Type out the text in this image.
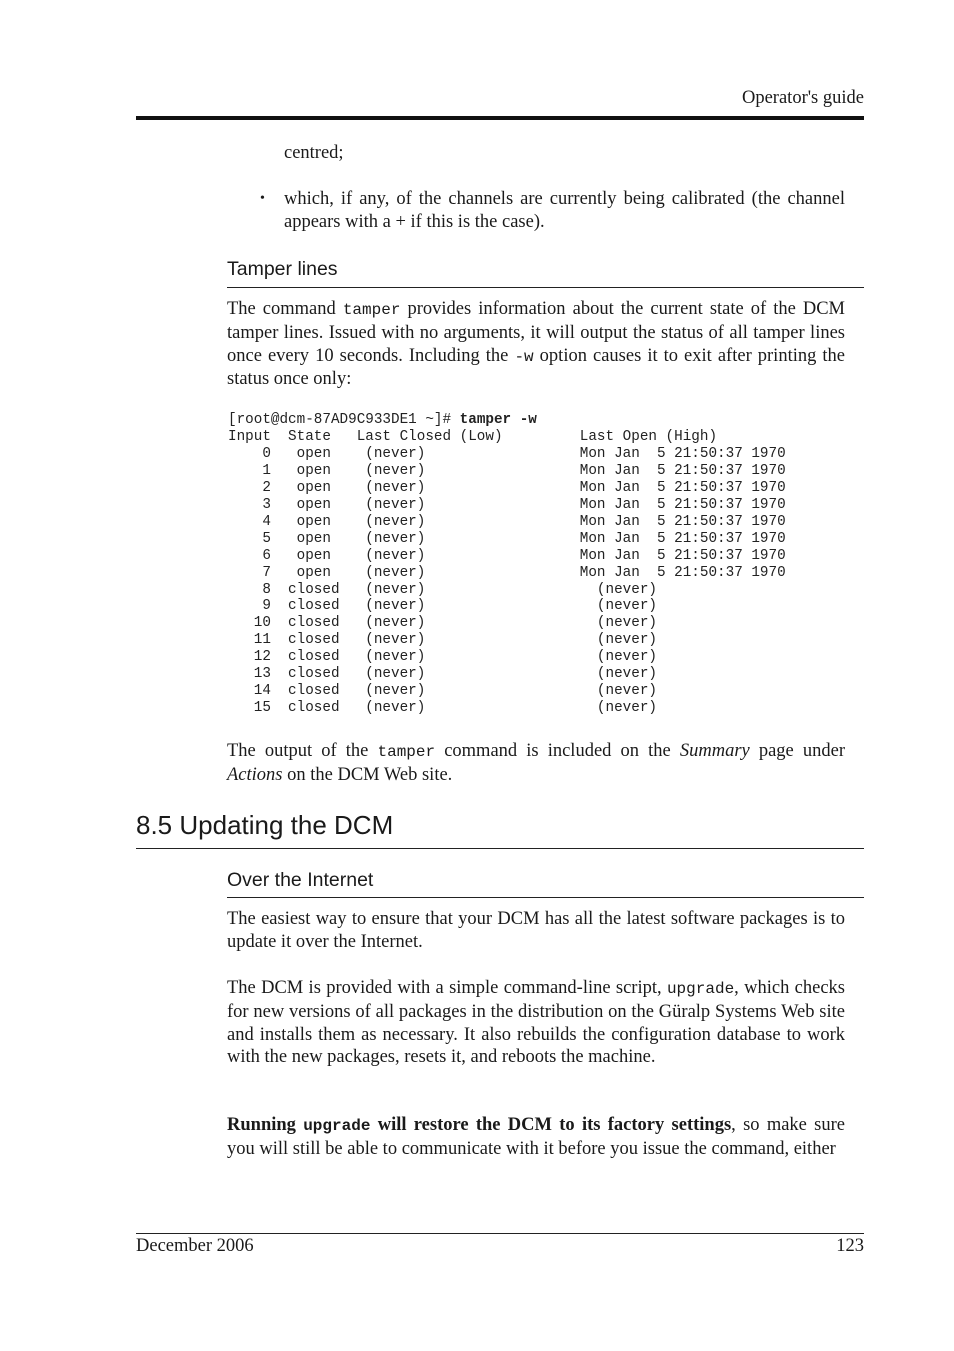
Operator's guide
centred;
• which, if any, of the channels are currently being calibrated (the channel appears with a + if this is the case).
Tamper lines
The command tamper provides information about the current state of the DCM tamper lines. Issued with no arguments, it will output the status of all tamper lines once every 10 seconds. Including the -w option causes it to exit after printing the status once only:
[root@dcm-87AD9C933DE1 ~]# tamper -w
Input  State   Last Closed (Low)         Last Open (High)
0   open    (never)                  Mon Jan  5 21:50:37 1970
1   open    (never)                  Mon Jan  5 21:50:37 1970
2   open    (never)                  Mon Jan  5 21:50:37 1970
3   open    (never)                  Mon Jan  5 21:50:37 1970
4   open    (never)                  Mon Jan  5 21:50:37 1970
5   open    (never)                  Mon Jan  5 21:50:37 1970
6   open    (never)                  Mon Jan  5 21:50:37 1970
7   open    (never)                  Mon Jan  5 21:50:37 1970
8  closed   (never)                    (never)
9  closed   (never)                    (never)
10  closed   (never)                    (never)
11  closed   (never)                    (never)
12  closed   (never)                    (never)
13  closed   (never)                    (never)
14  closed   (never)                    (never)
15  closed   (never)                    (never)
The output of the tamper command is included on the Summary page under Actions on the DCM Web site.
8.5 Updating the DCM
Over the Internet
The easiest way to ensure that your DCM has all the latest software packages is to update it over the Internet.
The DCM is provided with a simple command-line script, upgrade, which checks for new versions of all packages in the distribution on the Güralp Systems Web site and installs them as necessary. It also rebuilds the configuration database to work with the new packages, resets it, and reboots the machine.
Running upgrade will restore the DCM to its factory settings, so make sure you will still be able to communicate with it before you issue the command, either
December 2006	123
